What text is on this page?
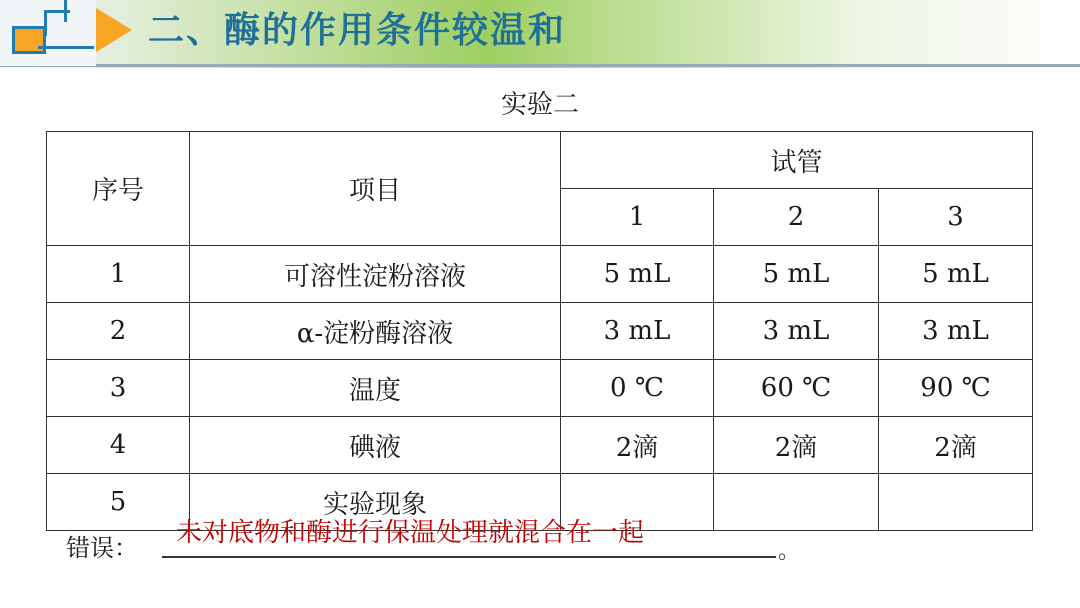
二、酶的作用条件较温和
实验二
序号	项目	试管		
		1	2	3
1	可溶性淀粉溶液	5 mL	5 mL	5 mL
2	α-淀粉酶溶液	3 mL	3 mL	3 mL
3	温度	0 ℃	60 ℃	90 ℃
4	碘液	2滴	2滴	2滴
5	实验现象			
错误： 未对底物和酶进行保温处理就混合在一起
。
